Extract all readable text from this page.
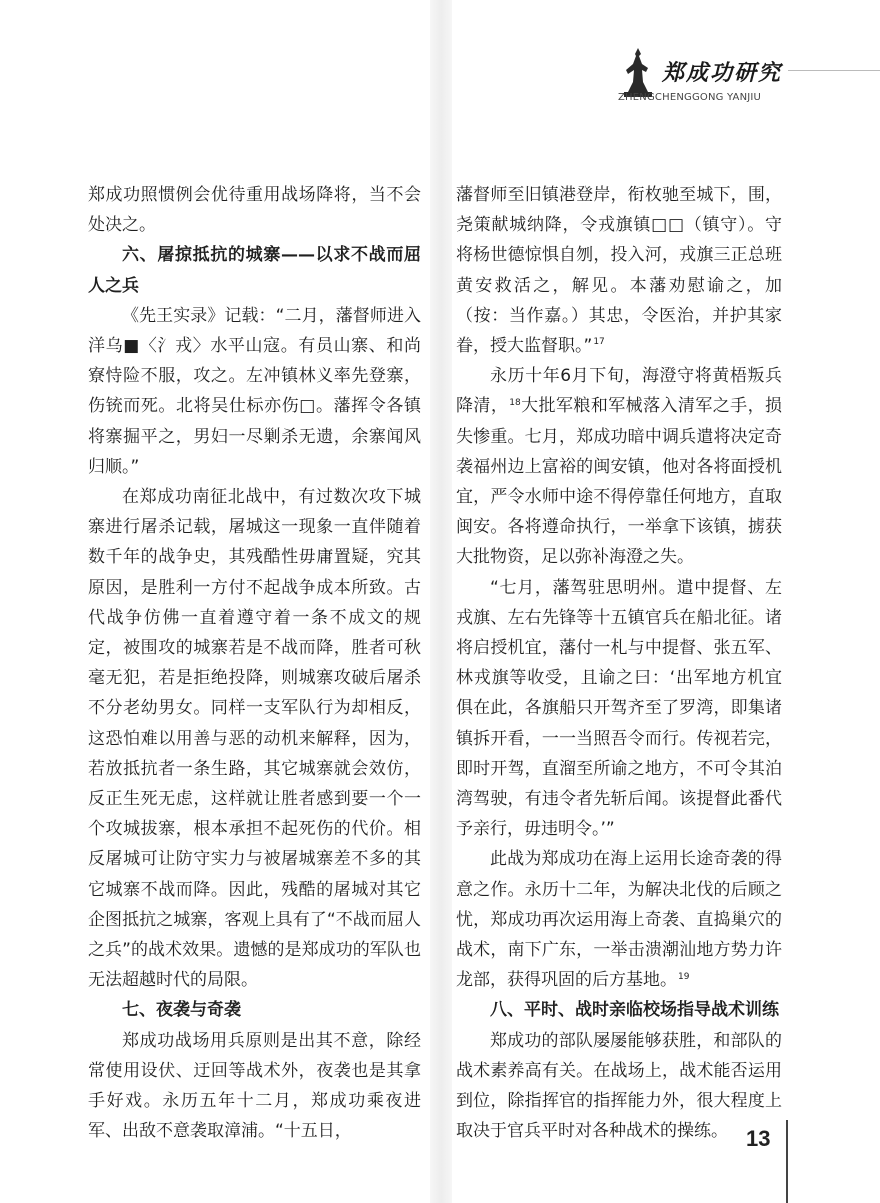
郑成功研究
ZHENGCHENGGONG YANJIU

郑成功照惯例会优待重用战场降将，当不会处决之。

六、屠掠抵抗的城寨——以求不战而屈人之兵

《先王实录》记载：“二月，藩督师进入洋乌■〈氵戎〉水平山寇。有员山寨、和尚寮恃险不服，攻之。左冲镇林义率先登寨，伤铳而死。北将吴仕标亦伤□。藩挥令各镇将寨掘平之，男妇一尽剿杀无遗，余寨闻风归顺。”

在郑成功南征北战中，有过数次攻下城寨进行屠杀记载，屠城这一现象一直伴随着数千年的战争史，其残酷性毋庸置疑，究其原因，是胜利一方付不起战争成本所致。古代战争仿佛一直着遵守着一条不成文的规定，被围攻的城寨若是不战而降，胜者可秋毫无犯，若是拒绝投降，则城寨攻破后屠杀不分老幼男女。同样一支军队行为却相反，这恐怕难以用善与恶的动机来解释，因为，若放抵抗者一条生路，其它城寨就会效仿，反正生死无虑，这样就让胜者感到要一个一个攻城拔寨，根本承担不起死伤的代价。相反屠城可让防守实力与被屠城寨差不多的其它城寨不战而降。因此，残酷的屠城对其它企图抵抗之城寨，客观上具有了“不战而屈人之兵”的战术效果。遗憾的是郑成功的军队也无法超越时代的局限。

七、夜袭与奇袭

郑成功战场用兵原则是出其不意，除经常使用设伏、迂回等战术外，夜袭也是其拿手好戏。永历五年十二月，郑成功乘夜进军、出敌不意袭取漳浦。“十五日，

藩督师至旧镇港登岸，衔枚驰至城下，围，尧策献城纳降，令戎旗镇□□（镇守）。守将杨世德惊惧自刎，投入河，戎旗三正总班黄安救活之，解见。本藩劝慰谕之，加（按：当作嘉。）其忠，令医治，并护其家眷，授大监督职。”$^{17}$

永历十年6月下旬，海澄守将黄梧叛兵降清，$^{18}$大批军粮和军械落入清军之手，损失惨重。七月，郑成功暗中调兵遣将决定奇袭福州边上富裕的闽安镇，他对各将面授机宜，严令水师中途不得停靠任何地方，直取闽安。各将遵命执行，一举拿下该镇，掳获大批物资，足以弥补海澄之失。

“七月，藩驾驻思明州。遣中提督、左戎旗、左右先锋等十五镇官兵在船北征。诸将启授机宜，藩付一札与中提督、张五军、林戎旗等收受，且谕之曰：‘出军地方机宜俱在此，各旗船只开驾齐至了罗湾，即集诸镇拆开看，一一当照吾令而行。传视若完，即时开驾，直溜至所谕之地方，不可令其泊湾驾驶，有违令者先斩后闻。该提督此番代予亲行，毋违明令。’”

此战为郑成功在海上运用长途奇袭的得意之作。永历十二年，为解决北伐的后顾之忧，郑成功再次运用海上奇袭、直捣巢穴的战术，南下广东，一举击溃潮汕地方势力许龙部，获得巩固的后方基地。$^{19}$

八、平时、战时亲临校场指导战术训练

郑成功的部队屡屡能够获胜，和部队的战术素养高有关。在战场上，战术能否运用到位，除指挥官的指挥能力外，很大程度上取决于官兵平时对各种战术的操练。 13
